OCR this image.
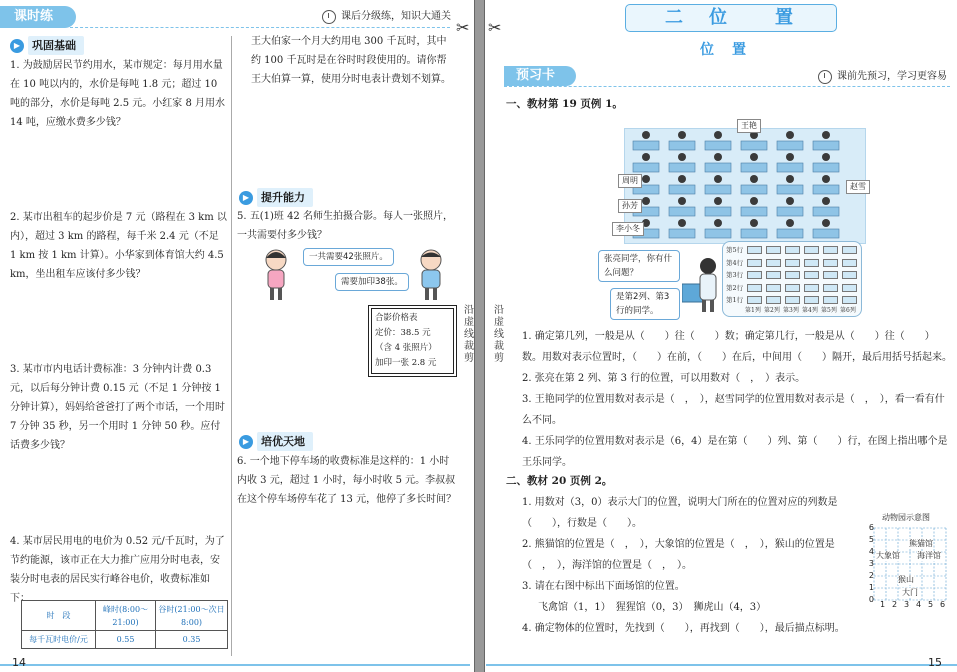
课时练	课后分级练，知识大通关
✂
▶	巩固基础
1. 为鼓励居民节约用水，某市规定：每月用水量在 10 吨以内的，水价是每吨 1.8 元；超过 10 吨的部分，水价是每吨 2.5 元。小红家 8 月用水 14 吨，应缴水费多少钱？
2. 某市出租车的起步价是 7 元（路程在 3 km 以内），超过 3 km 的路程，每千米 2.4 元（不足 1 km 按 1 km 计算）。小华家到体育馆大约 4.5 km，坐出租车应该付多少钱？
3. 某市市内电话计费标准：3 分钟内计费 0.3 元，以后每分钟计费 0.15 元（不足 1 分钟按 1 分钟计算），妈妈给爸爸打了两个市话，一个用时 7 分钟 35 秒，另一个用时 1 分钟 50 秒。应付话费多少钱？
4. 某市居民用电的电价为 0.52 元/千瓦时，为了节约能源，该市正在大力推广应用分时电表，安装分时电表的居民实行峰谷电价，收费标准如下：
时　段	峰时(8:00～21:00)	谷时(21:00～次日 8:00)
每千瓦时电价/元	0.55	0.35
王大伯家一个月大约用电 300 千瓦时，其中约 100 千瓦时是在谷时时段使用的。请你帮王大伯算一算，使用分时电表计费划不划算。
▶	提升能力
5. 五(1)班 42 名师生拍摄合影。每人一张照片，一共需要付多少钱？
一共需要42张照片。
需要加印38张。
合影价格表
定价：38.5 元
（含 4 张照片）
加印一张 2.8 元
▶	培优天地
6. 一个地下停车场的收费标准是这样的：1 小时内收 3 元，超过 1 小时，每小时收 5 元。李叔叔在这个停车场停车花了 13 元，他停了多长时间？
沿虚线裁剪
14
✂
沿虚线裁剪
二　位　　置
位　置
预习卡	课前先预习，学习更容易
一、教材第 19 页例 1。
王艳
周明
孙芳
李小冬
赵雪
张亮同学，你有什么问题？
是第2列、第3行的同学。
第5行
第4行
第3行
第2行
第1行
第1列 第2列 第3列 第4列 第5列 第6列
1. 确定第几列，一般是从（　　）往（　　）数；确定第几行，一般是从（　　）往（　　）数。用数对表示位置时，（　　）在前，（　　）在后，中间用（　　）隔开，最后用括号括起来。
2. 张亮在第 2 列、第 3 行的位置，可以用数对（　，　）表示。
3. 王艳同学的位置用数对表示是（　，　），赵雪同学的位置用数对表示是（　，　），看一看有什么不同。
4. 王乐同学的位置用数对表示是（6，4）是在第（　　）列、第（　　）行，在图上指出哪个是王乐同学。
二、教材 20 页例 2。
1. 用数对（3，0）表示大门的位置，说明大门所在的位置对应的列数是（　　），行数是（　　）。
2. 熊猫馆的位置是（　，　），大象馆的位置是（　，　），猴山的位置是（　，　），海洋馆的位置是（　，　）。
3. 请在右图中标出下面场馆的位置。
飞禽馆（1，1）　猩猩馆（0，3）　狮虎山（4，3）
4. 确定物体的位置时，先找到（　　），再找到（　　），最后描点标明。
动物园示意图
6
5
4
3
2
1
0
1 2 3 4 5 6
熊猫馆
大象馆 海洋馆
猴山
大门
15
